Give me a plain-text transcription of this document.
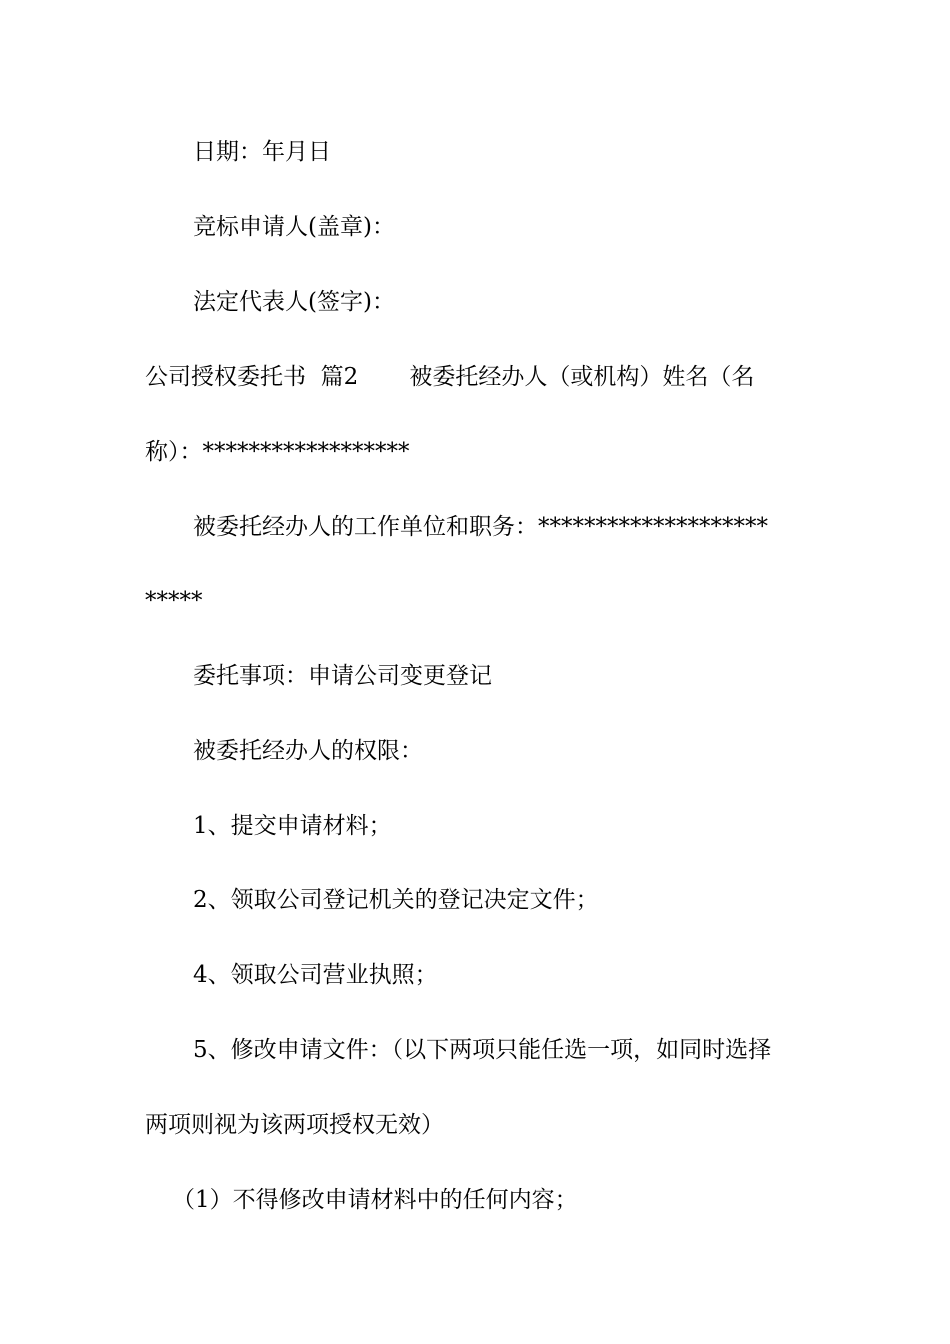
日期：年月日

竞标申请人(盖章)：

法定代表人(签字)：

公司授权委托书  篇2       被委托经办人（或机构）姓名（名

称）：******************

被委托经办人的工作单位和职务：********************

*****

委托事项：申请公司变更登记

被委托经办人的权限：

1、提交申请材料；

2、领取公司登记机关的登记决定文件；

4、领取公司营业执照；

5、修改申请文件：（以下两项只能任选一项，如同时选择

两项则视为该两项授权无效）

（1）不得修改申请材料中的任何内容；
